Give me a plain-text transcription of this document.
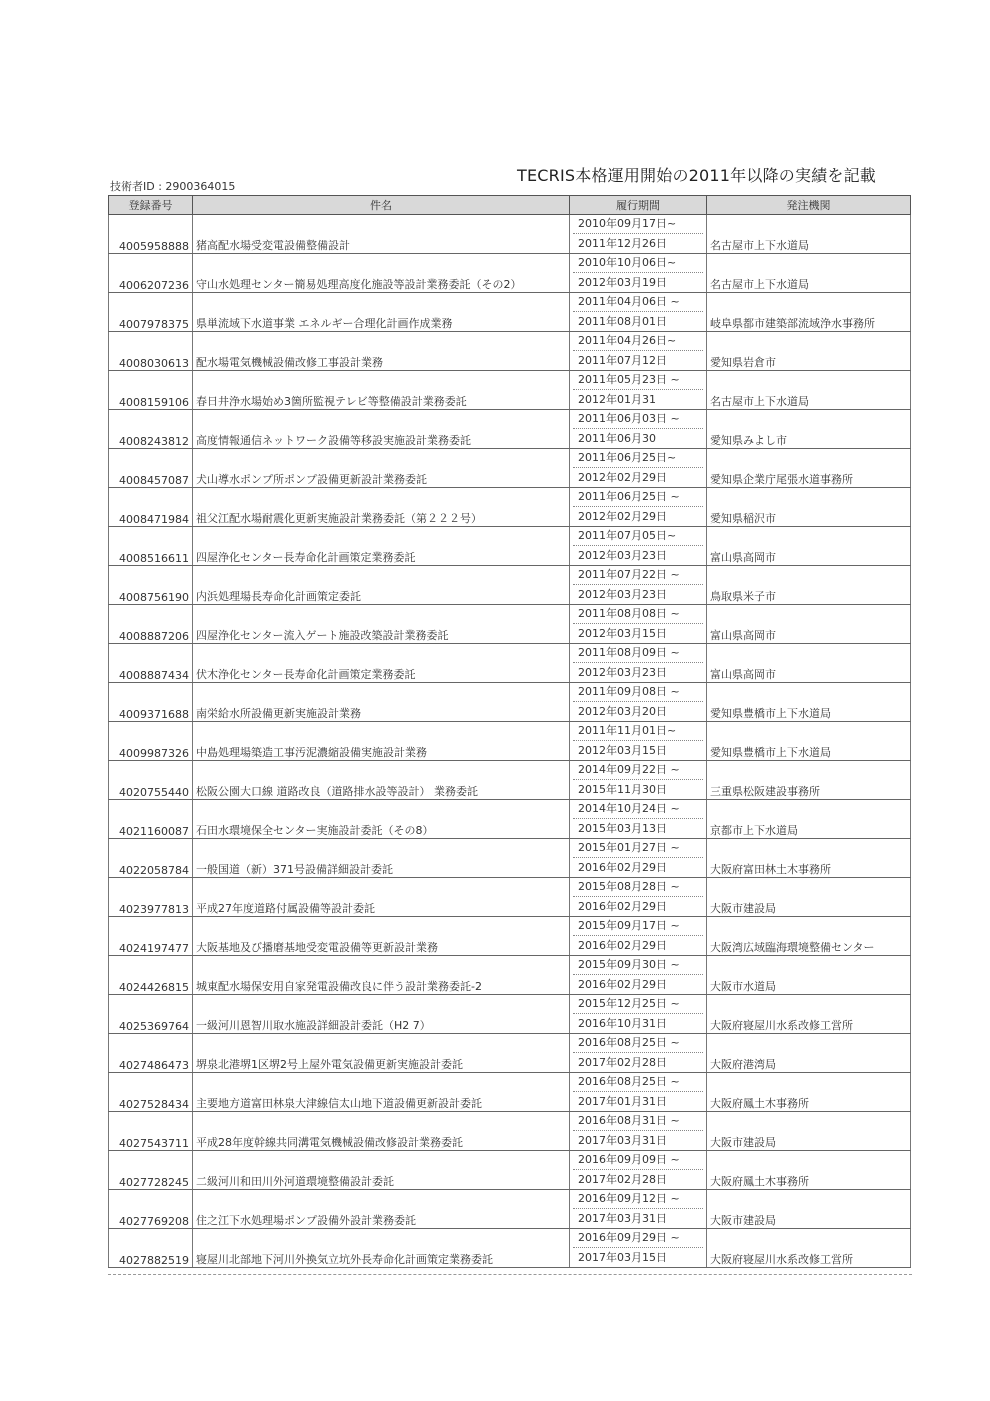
TECRIS本格運用開始の2011年以降の実績を記載
技術者ID : 2900364015
登録番号	件名	履行期間	発注機関
4005958888	猪高配水場受変電設備整備設計	2010年09月17日~
2011年12月26日	名古屋市上下水道局
4006207236	守山水処理センター簡易処理高度化施設等設計業務委託（その2）	2010年10月06日~
2012年03月19日	名古屋市上下水道局
4007978375	県単流域下水道事業 エネルギー合理化計画作成業務	2011年04月06日 ~
2011年08月01日	岐阜県都市建築部流域浄水事務所
4008030613	配水場電気機械設備改修工事設計業務	2011年04月26日~
2011年07月12日	愛知県岩倉市
4008159106	春日井浄水場始め3箇所監視テレビ等整備設計業務委託	2011年05月23日 ~
2012年01月31	名古屋市上下水道局
4008243812	高度情報通信ネットワーク設備等移設実施設計業務委託	2011年06月03日 ~
2011年06月30	愛知県みよし市
4008457087	犬山導水ポンプ所ポンプ設備更新設計業務委託	2011年06月25日~
2012年02月29日	愛知県企業庁尾張水道事務所
4008471984	祖父江配水場耐震化更新実施設計業務委託（第２２２号）	2011年06月25日 ~
2012年02月29日	愛知県稲沢市
4008516611	四屋浄化センター長寿命化計画策定業務委託	2011年07月05日~
2012年03月23日	富山県高岡市
4008756190	内浜処理場長寿命化計画策定委託	2011年07月22日 ~
2012年03月23日	鳥取県米子市
4008887206	四屋浄化センター流入ゲート施設改築設計業務委託	2011年08月08日 ~
2012年03月15日	富山県高岡市
4008887434	伏木浄化センター長寿命化計画策定業務委託	2011年08月09日 ~
2012年03月23日	富山県高岡市
4009371688	南栄給水所設備更新実施設計業務	2011年09月08日 ~
2012年03月20日	愛知県豊橋市上下水道局
4009987326	中島処理場築造工事汚泥濃縮設備実施設計業務	2011年11月01日~
2012年03月15日	愛知県豊橋市上下水道局
4020755440	松阪公園大口線 道路改良（道路排水設等設計） 業務委託	2014年09月22日 ~
2015年11月30日	三重県松阪建設事務所
4021160087	石田水環境保全センター実施設計委託（その8）	2014年10月24日 ~
2015年03月13日	京都市上下水道局
4022058784	一般国道（新）371号設備詳細設計委託	2015年01月27日 ~
2016年02月29日	大阪府富田林土木事務所
4023977813	平成27年度道路付属設備等設計委託	2015年08月28日 ~
2016年02月29日	大阪市建設局
4024197477	大阪基地及び播磨基地受変電設備等更新設計業務	2015年09月17日 ~
2016年02月29日	大阪湾広域臨海環境整備センター
4024426815	城東配水場保安用自家発電設備改良に伴う設計業務委託-2	2015年09月30日 ~
2016年02月29日	大阪市水道局
4025369764	一級河川恩智川取水施設詳細設計委託（H2 7）	2015年12月25日 ~
2016年10月31日	大阪府寝屋川水系改修工営所
4027486473	堺泉北港堺1区堺2号上屋外電気設備更新実施設計委託	2016年08月25日 ~
2017年02月28日	大阪府港湾局
4027528434	主要地方道富田林泉大津線信太山地下道設備更新設計委託	2016年08月25日 ~
2017年01月31日	大阪府鳳土木事務所
4027543711	平成28年度幹線共同溝電気機械設備改修設計業務委託	2016年08月31日 ~
2017年03月31日	大阪市建設局
4027728245	二級河川和田川外河道環境整備設計委託	2016年09月09日 ~
2017年02月28日	大阪府鳳土木事務所
4027769208	住之江下水処理場ポンプ設備外設計業務委託	2016年09月12日 ~
2017年03月31日	大阪市建設局
4027882519	寝屋川北部地下河川外換気立坑外長寿命化計画策定業務委託	2016年09月29日 ~
2017年03月15日	大阪府寝屋川水系改修工営所
